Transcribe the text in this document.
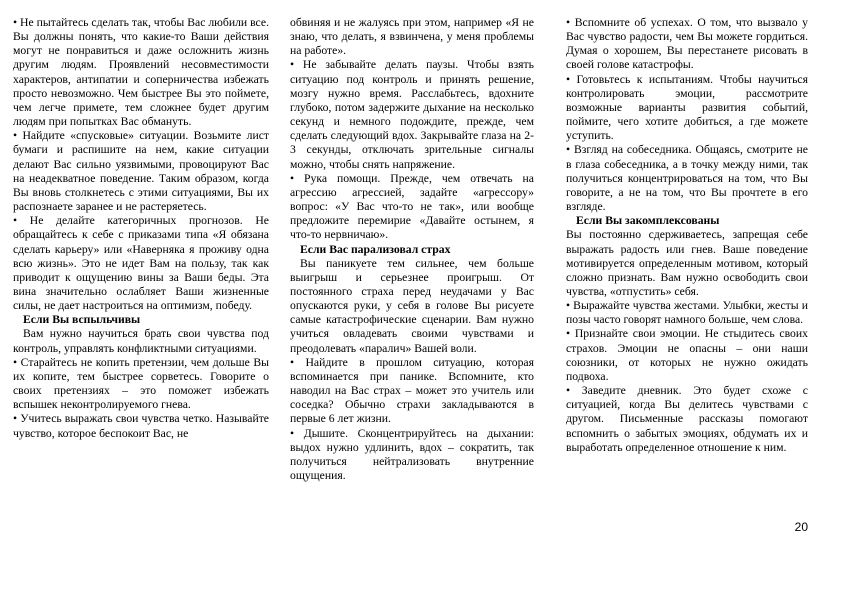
• Не пытайтесь сделать так, чтобы Вас любили все. Вы должны понять, что какие-то Ваши действия могут не понравиться и даже осложнить жизнь другим людям. Проявлений несовместимости характеров, антипатии и соперничества избежать просто невозможно. Чем быстрее Вы это поймете, чем легче примете, тем сложнее будет другим людям при попытках Вас обмануть.

• Найдите «спусковые» ситуации. Возьмите лист бумаги и распишите на нем, какие ситуации делают Вас сильно уязвимыми, провоцируют Вас на неадекватное поведение. Таким образом, когда Вы вновь столкнетесь с этими ситуациями, Вы их распознаете заранее и не растеряетесь.

• Не делайте категоричных прогнозов. Не обращайтесь к себе с приказами типа «Я обязана сделать карьеру» или «Наверняка я проживу одна всю жизнь». Это не идет Вам на пользу, так как приводит к ощущению вины за Ваши беды. Эта вина значительно ослабляет Ваши жизненные силы, не дает настроиться на оптимизм, победу.

Если Вы вспыльчивы

Вам нужно научиться брать свои чувства под контроль, управлять конфликтными ситуациями.

• Старайтесь не копить претензии, чем дольше Вы их копите, тем быстрее сорветесь. Говорите о своих претензиях – это поможет избежать вспышек неконтролируемого гнева.

• Учитесь выражать свои чувства четко. Называйте чувство, которое беспокоит Вас, не

обвиняя и не жалуясь при этом, например «Я не знаю, что делать, я взвинчена, у меня проблемы на работе».

• Не забывайте делать паузы. Чтобы взять ситуацию под контроль и принять решение, мозгу нужно время. Расслабьтесь, вдохните глубоко, потом задержите дыхание на несколько секунд и немного подождите, прежде, чем сделать следующий вдох. Закрывайте глаза на 2-3 секунды, отключать зрительные сигналы можно, чтобы снять напряжение.

• Рука помощи. Прежде, чем отвечать на агрессию агрессией, задайте «агрессору» вопрос: «У Вас что-то не так», или вообще предложите перемирие «Давайте остынем, я что-то нервничаю».

Если Вас парализовал страх

Вы паникуете тем сильнее, чем больше выигрыш и серьезнее проигрыш. От постоянного страха перед неудачами у Вас опускаются руки, у себя в голове Вы рисуете самые катастрофические сценарии. Вам нужно учиться овладевать своими чувствами и преодолевать «паралич» Вашей воли.

• Найдите в прошлом ситуацию, которая вспоминается при панике. Вспомните, кто наводил на Вас страх – может это учитель или соседка? Обычно страхи закладываются в первые 6 лет жизни.

• Дышите. Сконцентрируйтесь на дыхании: выдох нужно удлинить, вдох – сократить, так получиться нейтрализовать внутренние ощущения.

• Вспомните об успехах. О том, что вызвало у Вас чувство радости, чем Вы можете гордиться. Думая о хорошем, Вы перестанете рисовать в своей голове катастрофы.

• Готовьтесь к испытаниям. Чтобы научиться контролировать эмоции, рассмотрите возможные варианты развития событий, поймите, чего хотите добиться, а где можете уступить.

• Взгляд на собеседника. Общаясь, смотрите не в глаза собеседника, а в точку между ними, так получиться концентрироваться на том, что Вы говорите, а не на том, что Вы прочтете в его взгляде.

Если Вы закомплексованы

Вы постоянно сдерживаетесь, запрещая себе выражать радость или гнев. Ваше поведение мотивируется определенным мотивом, который сложно признать. Вам нужно освободить свои чувства, «отпустить» себя.

• Выражайте чувства жестами. Улыбки, жесты и позы часто говорят намного больше, чем слова.

• Признайте свои эмоции. Не стыдитесь своих страхов. Эмоции не опасны – они наши союзники, от которых не нужно ожидать подвоха.

• Заведите дневник. Это будет схоже с ситуацией, когда Вы делитесь чувствами с другом. Письменные рассказы помогают вспомнить о забытых эмоциях, обдумать их и выработать определенное отношение к ним.

20
